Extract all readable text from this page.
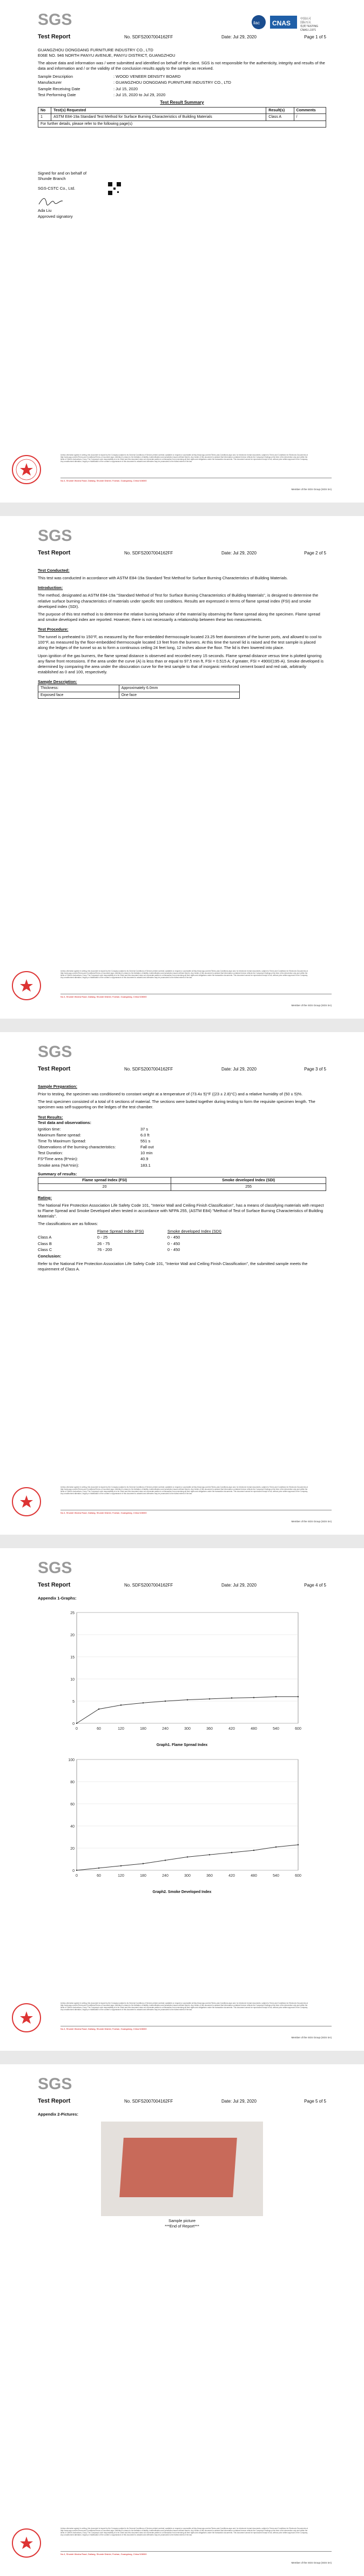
SGS	ilac CNAS
中国认可
国际互认
检测 TESTING
CNAS L1971
Test Report	No. SDFS2007004162FF	Date: Jul 29, 2020	Page 1 of 5
GUANGZHOU DONGDANG FURNITURE INDUSTRY CO., LTD
E06E NO. 946 NORTH PANYU AVENUE, PANYU DISTRICT, GUANGZHOU

The above data and information was / were submitted and identified on behalf of the client. SGS is not responsible for the authenticity, integrity and results of the data and information and / or the validity of the conclusion results apply to the sample as received.

Sample Description	: WOOD VENEER DENSITY BOARD
Manufacturer	: GUANGZHOU DONGDANG FURNITURE INDUSTRY CO., LTD
Sample Receiving Date	: Jul 15, 2020
Test Performing Date	: Jul 15, 2020 to Jul 29, 2020
Test Result Summary
No	Test(s) Requested	Result(s)	Comments
1	ASTM E84-19a Standard Test Method for Surface Burning Characteristics of Building Materials	Class A	/
For further details, please refer to the following page(s)			
Signed for and on behalf of
Shunde Branch
SGS-CSTC Co., Ltd.
Ada Liu
Approved signatory
Unless otherwise agreed in writing, this document is issued by the Company subject to its General Conditions of Service printed overleaf, available on request or accessible at http://www.sgs.com/en/Terms-and-Conditions.aspx and, for electronic format documents, subject to Terms and Conditions for Electronic Documents at http://www.sgs.com/en/Terms-and-Conditions/Terms-e-Document.aspx. Attention is drawn to the limitation of liability, indemnification and jurisdiction issues defined therein. Any holder of this document is advised that information contained hereon reflects the Company's findings at the time of its intervention only and within the limits of Client's instructions, if any. The Company's sole responsibility is to its Client and this document does not exonerate parties to a transaction from exercising all their rights and obligations under the transaction documents. This document cannot be reproduced except in full, without prior written approval of the Company. Any unauthorized alteration, forgery or falsification of the content or appearance of this document is unlawful and offenders may be prosecuted to the fullest extent of the law.
No.4, Shunde Wusha Road, Daliang, Shunde District, Foshan, Guangdong, China 528300
Member of the SGS Group (SGS SA)
SGS
Test Report	No. SDFS2007004162FF	Date: Jul 29, 2020	Page 2 of 5
Test Conducted:

This test was conducted in accordance with ASTM E84-19a Standard Test Method for Surface Burning Characteristics of Building Materials.

Introduction:

The method, designated as ASTM E84-19a "Standard Method of Test for Surface Burning Characteristics of Building Materials", is designed to determine the relative surface burning characteristics of materials under specific test conditions. Results are expressed in terms of flame spread index (FSI) and smoke developed index (SDI).

The purpose of this test method is to determine the relative burning behavior of the material by observing the flame spread along the specimen. Flame spread and smoke developed index are reported. However, there is not necessarily a relationship between these two measurements.

Test Procedure:

The tunnel is preheated to 150°F, as measured by the floor-embedded thermocouple located 23.25 feet downstream of the burner ports, and allowed to cool to 100°F, as measured by the floor-embedded thermocouple located 13 feet from the burners. At this time the tunnel lid is raised and the test sample is placed along the ledges of the tunnel so as to form a continuous ceiling 24 feet long, 12 inches above the floor. The lid is then lowered into place.

Upon ignition of the gas burners, the flame spread distance is observed and recorded every 15 seconds. Flame spread distance versus time is plotted ignoring any flame front recessions. If the area under the curve (A) is less than or equal to 97.5 min ft, FSI = 0.515 A; if greater, FSI = 4900/(195-A). Smoke developed is determined by comparing the area under the obscuration curve for the test sample to that of inorganic reinforced cement board and red oak, arbitrarily established as 0 and 100, respectively.

Sample Description:
Thickness:	Approximately 6.0mm
Exposed face	One face
Unless otherwise agreed in writing, this document is issued by the Company subject to its General Conditions of Service printed overleaf, available on request or accessible at http://www.sgs.com/en/Terms-and-Conditions.aspx and, for electronic format documents, subject to Terms and Conditions for Electronic Documents at http://www.sgs.com/en/Terms-and-Conditions/Terms-e-Document.aspx. Attention is drawn to the limitation of liability, indemnification and jurisdiction issues defined therein. Any holder of this document is advised that information contained hereon reflects the Company's findings at the time of its intervention only and within the limits of Client's instructions, if any. The Company's sole responsibility is to its Client and this document does not exonerate parties to a transaction from exercising all their rights and obligations under the transaction documents. This document cannot be reproduced except in full, without prior written approval of the Company. Any unauthorized alteration, forgery or falsification of the content or appearance of this document is unlawful and offenders may be prosecuted to the fullest extent of the law.
No.4, Shunde Wusha Road, Daliang, Shunde District, Foshan, Guangdong, China 528300
Member of the SGS Group (SGS SA)
SGS
Test Report	No. SDFS2007004162FF	Date: Jul 29, 2020	Page 3 of 5
Sample Preparation:

Prior to testing, the specimen was conditioned to constant weight at a temperature of (73.4± 5)°F ((23 ± 2.8)°C) and a relative humidity of (50 ± 5)%.

The test specimen consisted of a total of 6 sections of material. The sections were butted together during testing to form the requisite specimen length. The specimen was self-supporting on the ledges of the test chamber.

Test Results:
Test data and observations:
Ignition time:	37 s
Maximum flame spread:	6.0 ft
Time To Maximum Spread:	551 s
Observations of the burning characteristics:	Fall out
Test Duration:	10 min
FS*Time area (ft*min):	40.9
Smoke area (%A*min):	183.1
Summary of results:
Flame spread Index (FSI)	Smoke developed Index (SDI)
20	255
Rating:

The National Fire Protection Association Life Safety Code 101, "Interior Wall and Ceiling Finish Classification", has a means of classifying materials with respect to Flame Spread and Smoke Developed when tested in accordance with NFPA 255, (ASTM E84) "Method of Test of Surface Burning Characteristics of Building Materials".

The classifications are as follows:

Flame Spread Index (FSI)	Smoke developed Index (SDI)
Class A	0 - 25	0 - 450
Class B	26 - 75	0 - 450
Class C	76 - 200	0 - 450
Conclusion:

Refer to the National Fire Protection Association Life Safety Code 101, "Interior Wall and Ceiling Finish Classification", the submitted sample meets the requirement of Class A.

Unless otherwise agreed in writing, this document is issued by the Company subject to its General Conditions of Service printed overleaf, available on request or accessible at http://www.sgs.com/en/Terms-and-Conditions.aspx and, for electronic format documents, subject to Terms and Conditions for Electronic Documents at http://www.sgs.com/en/Terms-and-Conditions/Terms-e-Document.aspx. Attention is drawn to the limitation of liability, indemnification and jurisdiction issues defined therein. Any holder of this document is advised that information contained hereon reflects the Company's findings at the time of its intervention only and within the limits of Client's instructions, if any. The Company's sole responsibility is to its Client and this document does not exonerate parties to a transaction from exercising all their rights and obligations under the transaction documents. This document cannot be reproduced except in full, without prior written approval of the Company. Any unauthorized alteration, forgery or falsification of the content or appearance of this document is unlawful and offenders may be prosecuted to the fullest extent of the law.
No.4, Shunde Wusha Road, Daliang, Shunde District, Foshan, Guangdong, China 528300
Member of the SGS Group (SGS SA)
SGS
Test Report	No. SDFS2007004162FF	Date: Jul 29, 2020	Page 4 of 5
Appendix 1-Graphs:
0
5
10
15
20
25
0	60	120	180	240	300	360	420	480	540	600
Graph1. Flame Spread Index
0
20
40
60
80
100
0	60	120	180	240	300	360	420	480	540	600
Graph2. Smoke Developed Index
Unless otherwise agreed in writing, this document is issued by the Company subject to its General Conditions of Service printed overleaf, available on request or accessible at http://www.sgs.com/en/Terms-and-Conditions.aspx and, for electronic format documents, subject to Terms and Conditions for Electronic Documents at http://www.sgs.com/en/Terms-and-Conditions/Terms-e-Document.aspx. Attention is drawn to the limitation of liability, indemnification and jurisdiction issues defined therein. Any holder of this document is advised that information contained hereon reflects the Company's findings at the time of its intervention only and within the limits of Client's instructions, if any. The Company's sole responsibility is to its Client and this document does not exonerate parties to a transaction from exercising all their rights and obligations under the transaction documents. This document cannot be reproduced except in full, without prior written approval of the Company. Any unauthorized alteration, forgery or falsification of the content or appearance of this document is unlawful and offenders may be prosecuted to the fullest extent of the law.
No.4, Shunde Wusha Road, Daliang, Shunde District, Foshan, Guangdong, China 528300
Member of the SGS Group (SGS SA)
SGS
Test Report	No. SDFS2007004162FF	Date: Jul 29, 2020	Page 5 of 5
Appendix 2-Pictures:
Sample picture
***End of Report***
Unless otherwise agreed in writing, this document is issued by the Company subject to its General Conditions of Service printed overleaf, available on request or accessible at http://www.sgs.com/en/Terms-and-Conditions.aspx and, for electronic format documents, subject to Terms and Conditions for Electronic Documents at http://www.sgs.com/en/Terms-and-Conditions/Terms-e-Document.aspx. Attention is drawn to the limitation of liability, indemnification and jurisdiction issues defined therein. Any holder of this document is advised that information contained hereon reflects the Company's findings at the time of its intervention only and within the limits of Client's instructions, if any. The Company's sole responsibility is to its Client and this document does not exonerate parties to a transaction from exercising all their rights and obligations under the transaction documents. This document cannot be reproduced except in full, without prior written approval of the Company. Any unauthorized alteration, forgery or falsification of the content or appearance of this document is unlawful and offenders may be prosecuted to the fullest extent of the law.
No.4, Shunde Wusha Road, Daliang, Shunde District, Foshan, Guangdong, China 528300
Member of the SGS Group (SGS SA)
